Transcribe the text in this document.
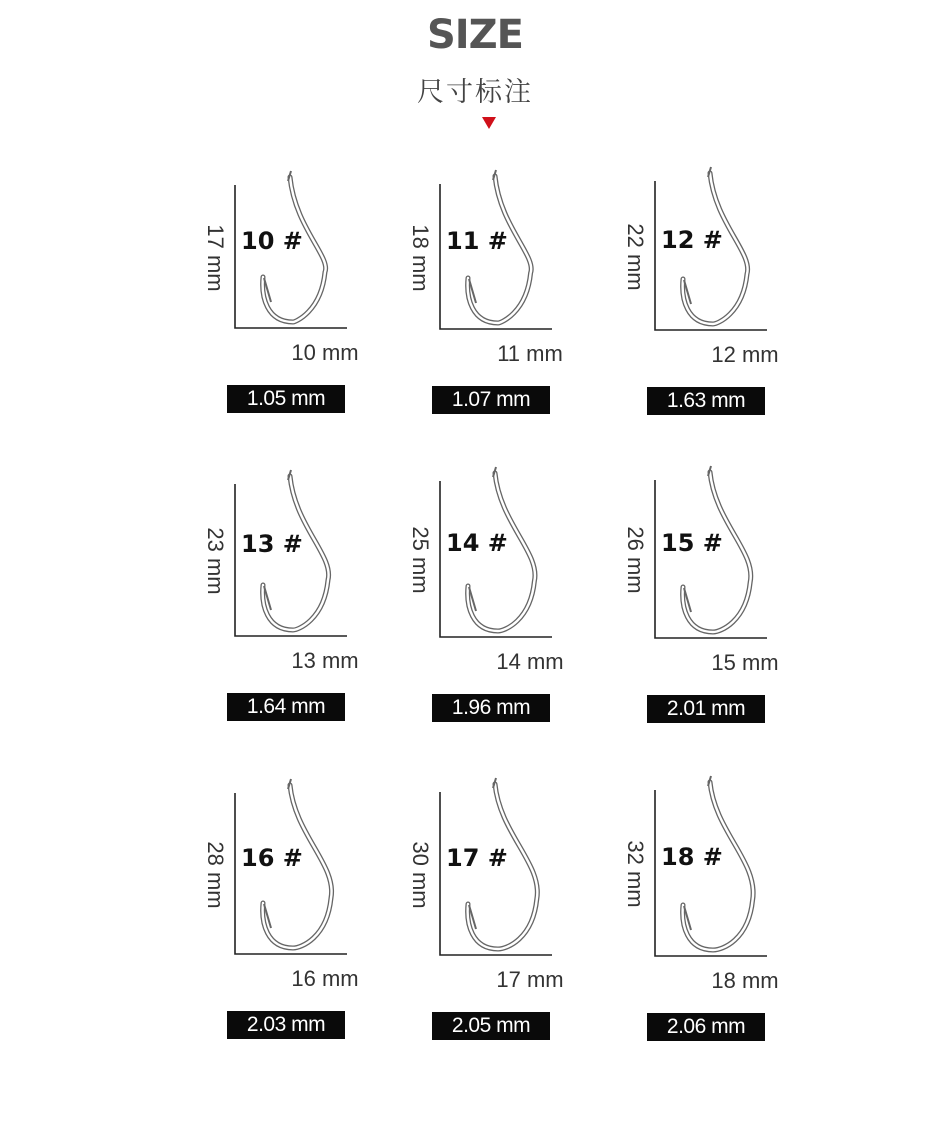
SIZE
尺寸标注
17 mm 10 #
10 mm
1.05 mm
18 mm 11 #
11 mm
1.07 mm
22 mm 12 #
12 mm
1.63 mm
23 mm 13 #
13 mm
1.64 mm
25 mm 14 #
14 mm
1.96 mm
26 mm 15 #
15 mm
2.01 mm
28 mm 16 #
16 mm
2.03 mm
30 mm 17 #
17 mm
2.05 mm
32 mm 18 #
18 mm
2.06 mm
